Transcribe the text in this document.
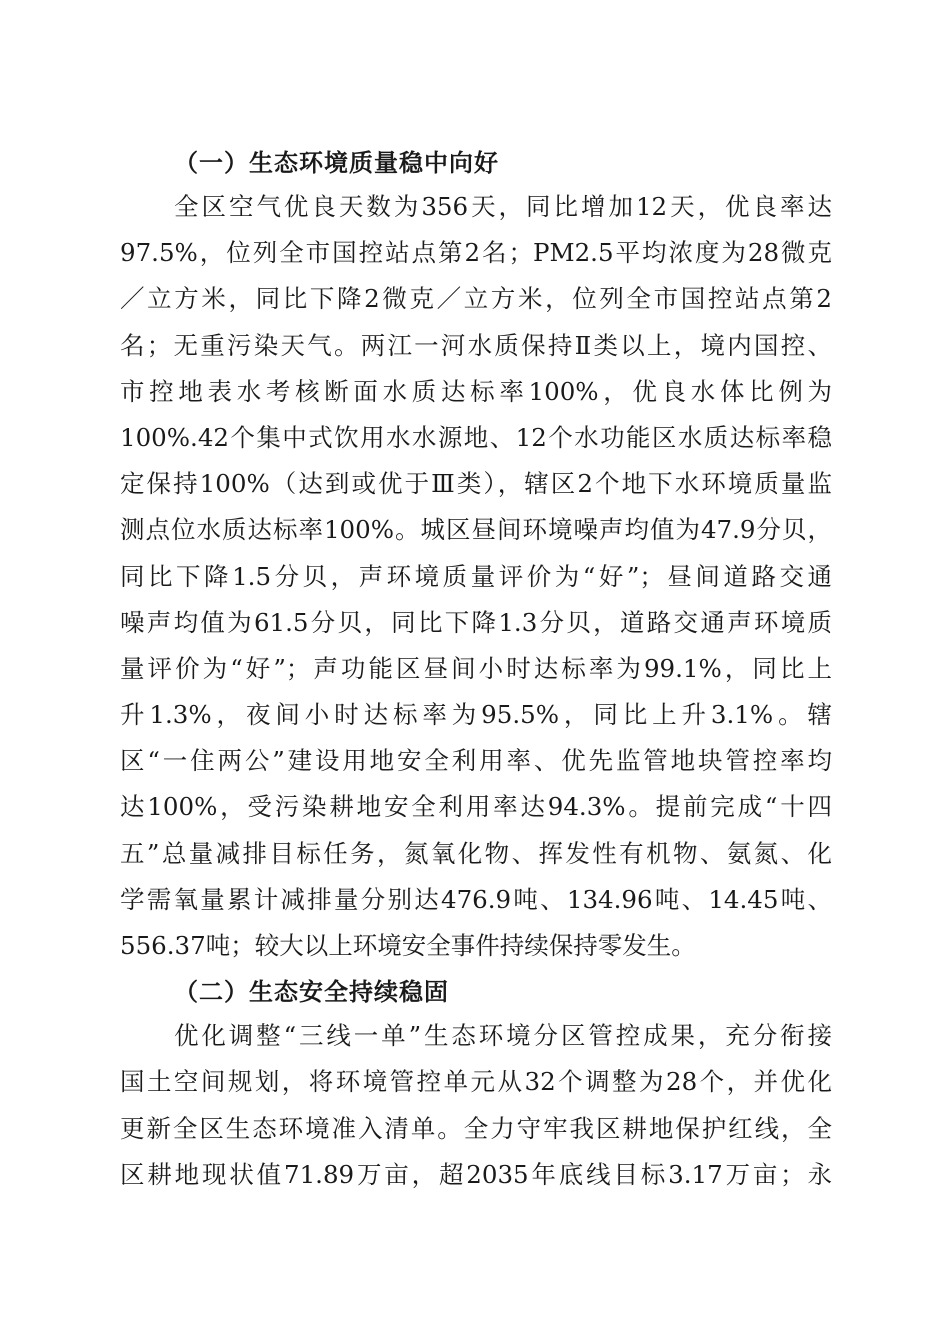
（一）生态环境质量稳中向好
全区空气优良天数为356天，同比增加12天，优良率达
97.5%，位列全市国控站点第2名；PM2.5平均浓度为28微克
／立方米，同比下降2微克／立方米，位列全市国控站点第2
名；无重污染天气。两江一河水质保持Ⅱ类以上，境内国控、
市控地表水考核断面水质达标率100%，优良水体比例为
100%.42个集中式饮用水水源地、12个水功能区水质达标率稳
定保持100%（达到或优于Ⅲ类），辖区2个地下水环境质量监
测点位水质达标率100%。城区昼间环境噪声均值为47.9分贝，
同比下降1.5分贝，声环境质量评价为“好”；昼间道路交通
噪声均值为61.5分贝，同比下降1.3分贝，道路交通声环境质
量评价为“好”；声功能区昼间小时达标率为99.1%，同比上
升1.3%，夜间小时达标率为95.5%，同比上升3.1%。辖
区“一住两公”建设用地安全利用率、优先监管地块管控率均
达100%，受污染耕地安全利用率达94.3%。提前完成“十四
五”总量减排目标任务，氮氧化物、挥发性有机物、氨氮、化
学需氧量累计减排量分别达476.9吨、134.96吨、14.45吨、
556.37吨；较大以上环境安全事件持续保持零发生。
（二）生态安全持续稳固
优化调整“三线一单”生态环境分区管控成果，充分衔接
国土空间规划，将环境管控单元从32个调整为28个，并优化
更新全区生态环境准入清单。全力守牢我区耕地保护红线，全
区耕地现状值71.89万亩，超2035年底线目标3.17万亩；永
